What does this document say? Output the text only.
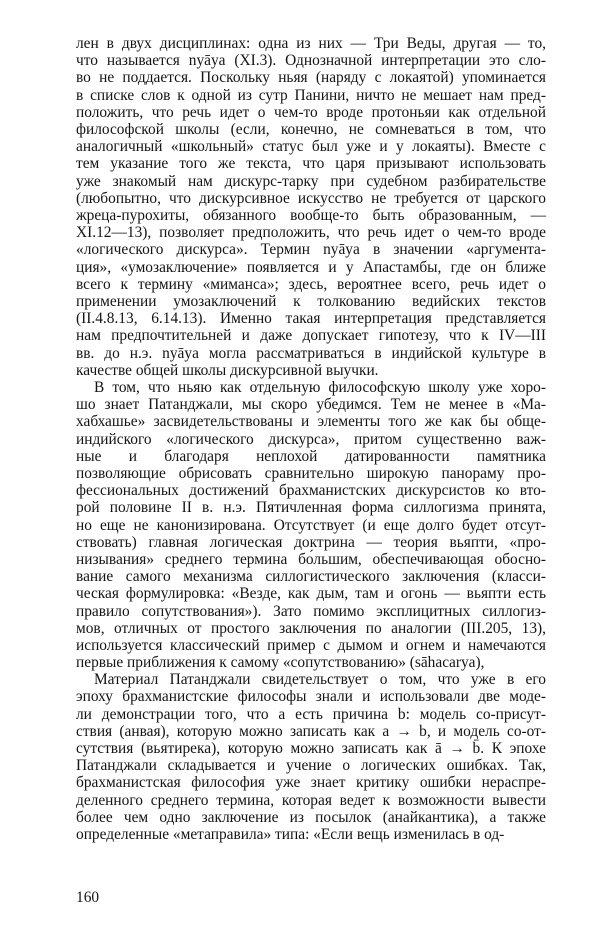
лен в двух дисциплинах: одна из них — Три Веды, другая — то,
что называется nyāya (XI.3). Однозначной интерпретации это сло-
во не поддается. Поскольку ньяя (наряду с локаятой) упоминается
в списке слов к одной из сутр Панини, ничто не мешает нам пред-
положить, что речь идет о чем-то вроде протоньяи как отдельной
философской школы (если, конечно, не сомневаться в том, что
аналогичный «школьный» статус был уже и у локаяты). Вместе с
тем указание того же текста, что царя призывают использовать
уже знакомый нам дискурс-тарку при судебном разбирательстве
(любопытно, что дискурсивное искусство не требуется от царского
жреца-пурохиты, обязанного вообще-то быть образованным, —
XI.12—13), позволяет предположить, что речь идет о чем-то вроде
«логического дискурса». Термин nyāya в значении «аргумента-
ция», «умозаключение» появляется и у Апастамбы, где он ближе
всего к термину «миманса»; здесь, вероятнее всего, речь идет о
применении умозаключений к толкованию ведийских текстов
(II.4.8.13, 6.14.13). Именно такая интерпретация представляется
нам предпочтительней и даже допускает гипотезу, что к IV—III
вв. до н.э. nyāya могла рассматриваться в индийской культуре в
качестве общей школы дискурсивной выучки.
В том, что ньяю как отдельную философскую школу уже хоро-
шо знает Патанджали, мы скоро убедимся. Тем не менее в «Ма-
хабхашье» засвидетельствованы и элементы того же как бы обще-
индийского «логического дискурса», притом существенно важ-
ные и благодаря неплохой датированности памятника
позволяющие обрисовать сравнительно широкую панораму про-
фессиональных достижений брахманистских дискурсистов ко вто-
рой половине II в. н.э. Пятичленная форма силлогизма принята,
но еще не канонизирована. Отсутствует (и еще долго будет отсут-
ствовать) главная логическая доктрина — теория вьяпти, «про-
низывания» среднего термина бо́льшим, обеспечивающая обосно-
вание самого механизма силлогистического заключения (класси-
ческая формулировка: «Везде, как дым, там и огонь — вьяпти есть
правило сопутствования»). Зато помимо эксплицитных силлогиз-
мов, отличных от простого заключения по аналогии (III.205, 13),
используется классический пример с дымом и огнем и намечаются
первые приближения к самому «сопутствованию» (sāhacarya),
Материал Патанджали свидетельствует о том, что уже в его
эпоху брахманистские философы знали и использовали две моде-
ли демонстрации того, что a есть причина b: модель со-присут-
ствия (анвая), которую можно записать как a → b, и модель со-от-
сутствия (вьятирека), которую можно записать как ā → b̄. К эпохе
Патанджали складывается и учение о логических ошибках. Так,
брахманистская философия уже знает критику ошибки нераспре-
деленного среднего термина, которая ведет к возможности вывести
более чем одно заключение из посылок (анайкантика), а также
определенные «метаправила» типа: «Если вещь изменилась в од-
160
